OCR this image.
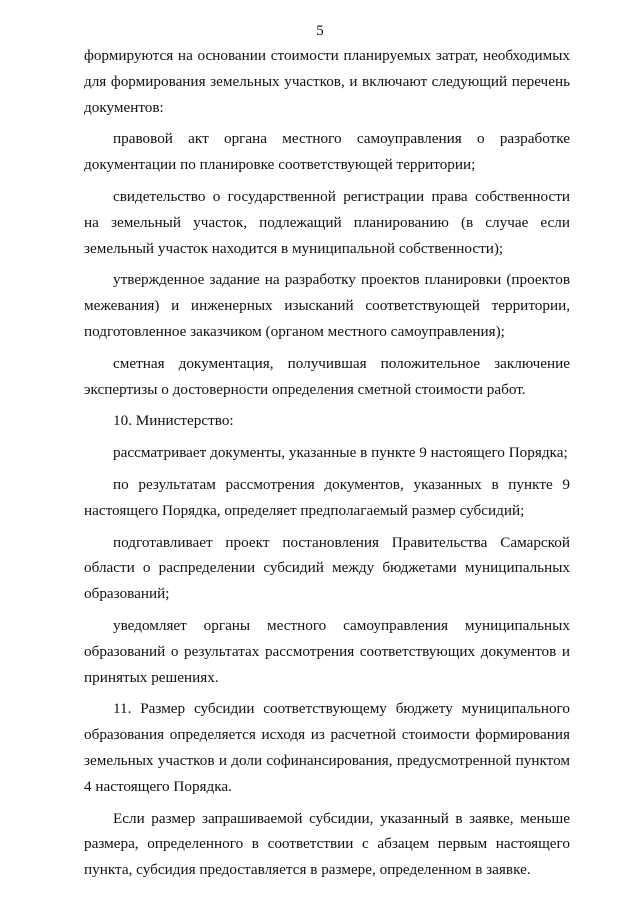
5

формируются на основании стоимости планируемых затрат, необходимых для формирования земельных участков, и включают следующий перечень документов:

правовой акт органа местного самоуправления о разработке документации по планировке соответствующей территории;

свидетельство о государственной регистрации права собственности на земельный участок, подлежащий планированию (в случае если земельный участок находится в муниципальной собственности);

утвержденное задание на разработку проектов планировки (проектов межевания) и инженерных изысканий соответствующей территории, подготовленное заказчиком (органом местного самоуправления);

сметная документация, получившая положительное заключение экспертизы о достоверности определения сметной стоимости работ.

10. Министерство:

рассматривает документы, указанные в пункте 9 настоящего Порядка;

по результатам рассмотрения документов, указанных в пункте 9 настоящего Порядка, определяет предполагаемый размер субсидий;

подготавливает проект постановления Правительства Самарской области о распределении субсидий между бюджетами муниципальных образований;

уведомляет органы местного самоуправления муниципальных образований о результатах рассмотрения соответствующих документов и принятых решениях.

11. Размер субсидии соответствующему бюджету муниципального образования определяется исходя из расчетной стоимости формирования земельных участков и доли софинансирования, предусмотренной пунктом 4 настоящего Порядка.

Если размер запрашиваемой субсидии, указанный в заявке, меньше размера, определенного в соответствии с абзацем первым настоящего пункта, субсидия предоставляется в размере, определенном в заявке.
